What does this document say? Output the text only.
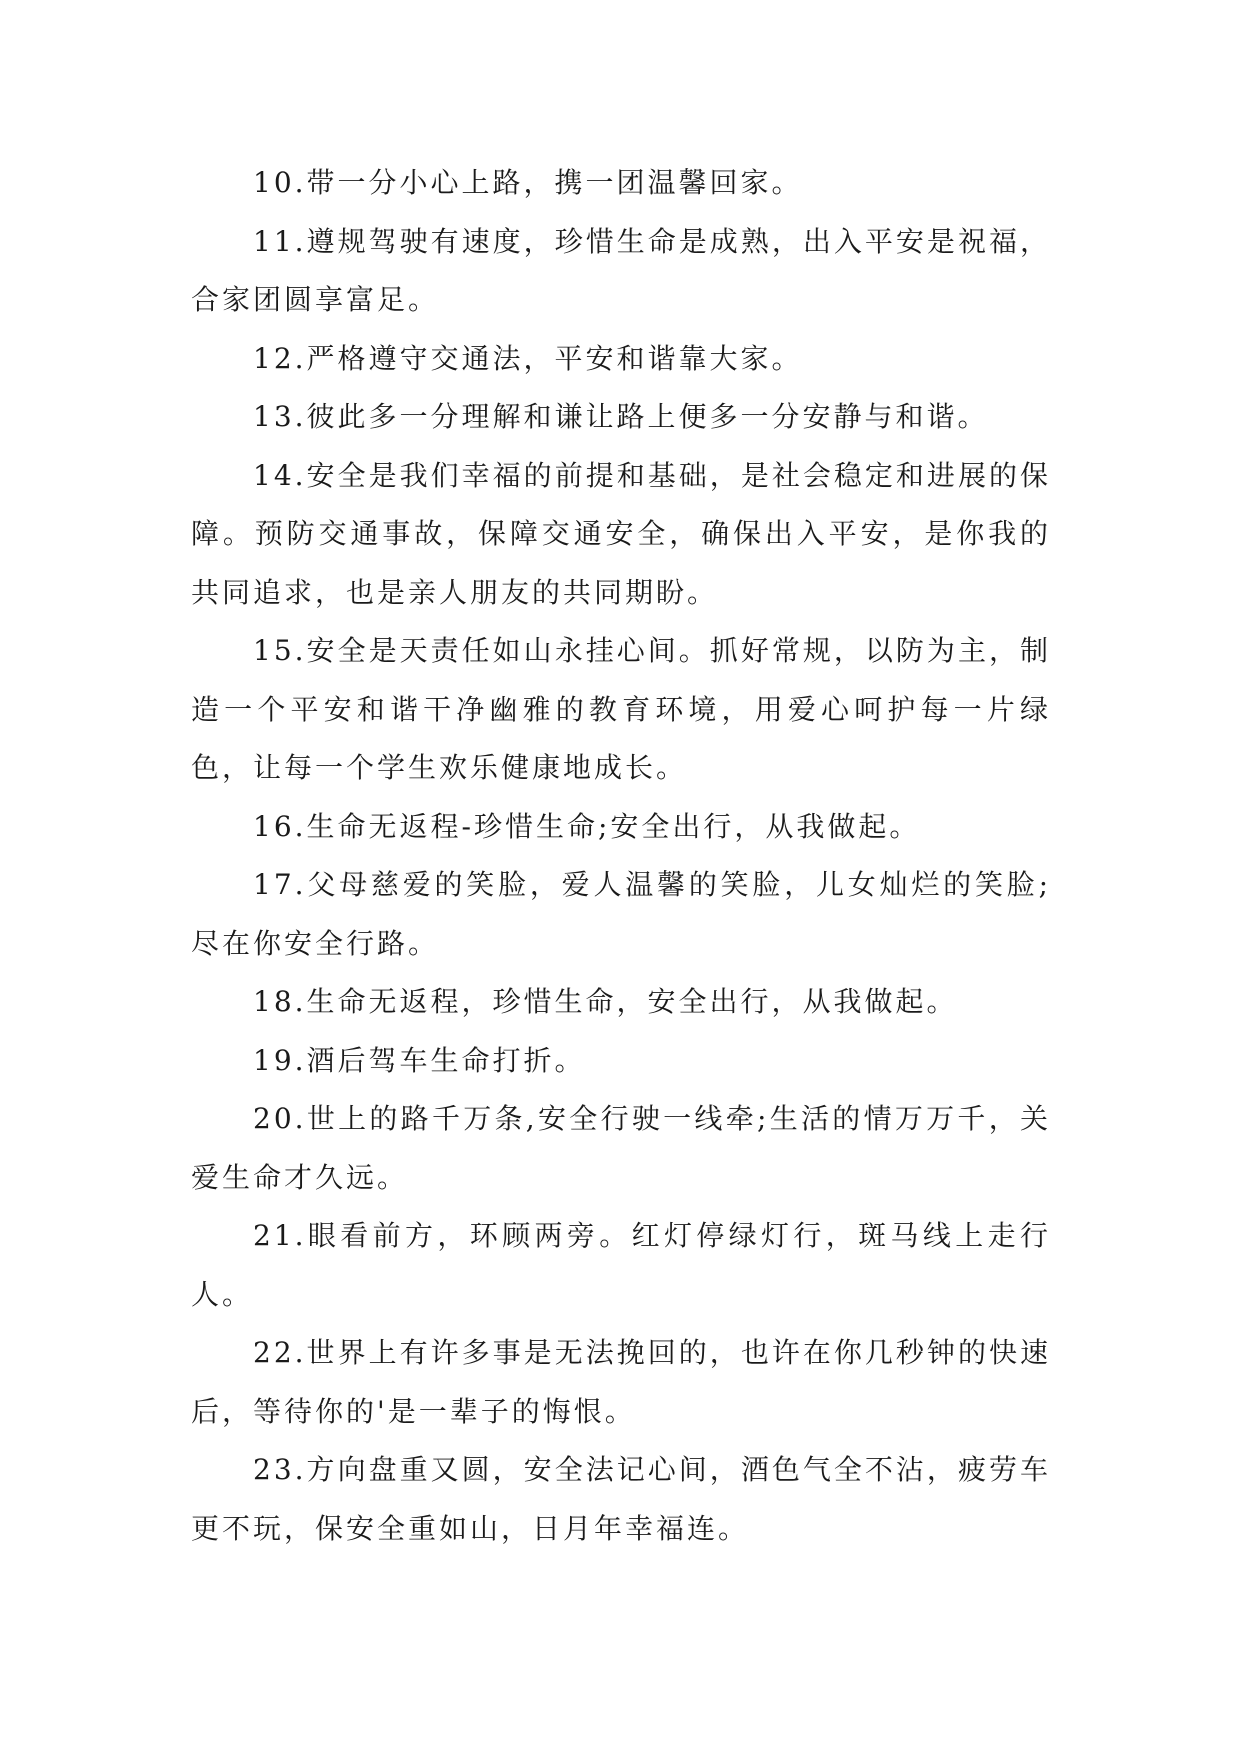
10.带一分小心上路，携一团温馨回家。

11.遵规驾驶有速度，珍惜生命是成熟，出入平安是祝福，合家团圆享富足。

12.严格遵守交通法，平安和谐靠大家。

13.彼此多一分理解和谦让路上便多一分安静与和谐。

14.安全是我们幸福的前提和基础，是社会稳定和进展的保障。预防交通事故，保障交通安全，确保出入平安，是你我的共同追求，也是亲人朋友的共同期盼。

15.安全是天责任如山永挂心间。抓好常规，以防为主，制造一个平安和谐干净幽雅的教育环境，用爱心呵护每一片绿色，让每一个学生欢乐健康地成长。

16.生命无返程-珍惜生命;安全出行，从我做起。

17.父母慈爱的笑脸，爱人温馨的笑脸，儿女灿烂的笑脸;尽在你安全行路。

18.生命无返程，珍惜生命，安全出行，从我做起。

19.酒后驾车生命打折。

20.世上的路千万条,安全行驶一线牵;生活的情万万千，关爱生命才久远。

21.眼看前方，环顾两旁。红灯停绿灯行，斑马线上走行人。

22.世界上有许多事是无法挽回的，也许在你几秒钟的快速后，等待你的'是一辈子的悔恨。

23.方向盘重又圆，安全法记心间，酒色气全不沾，疲劳车更不玩，保安全重如山，日月年幸福连。
